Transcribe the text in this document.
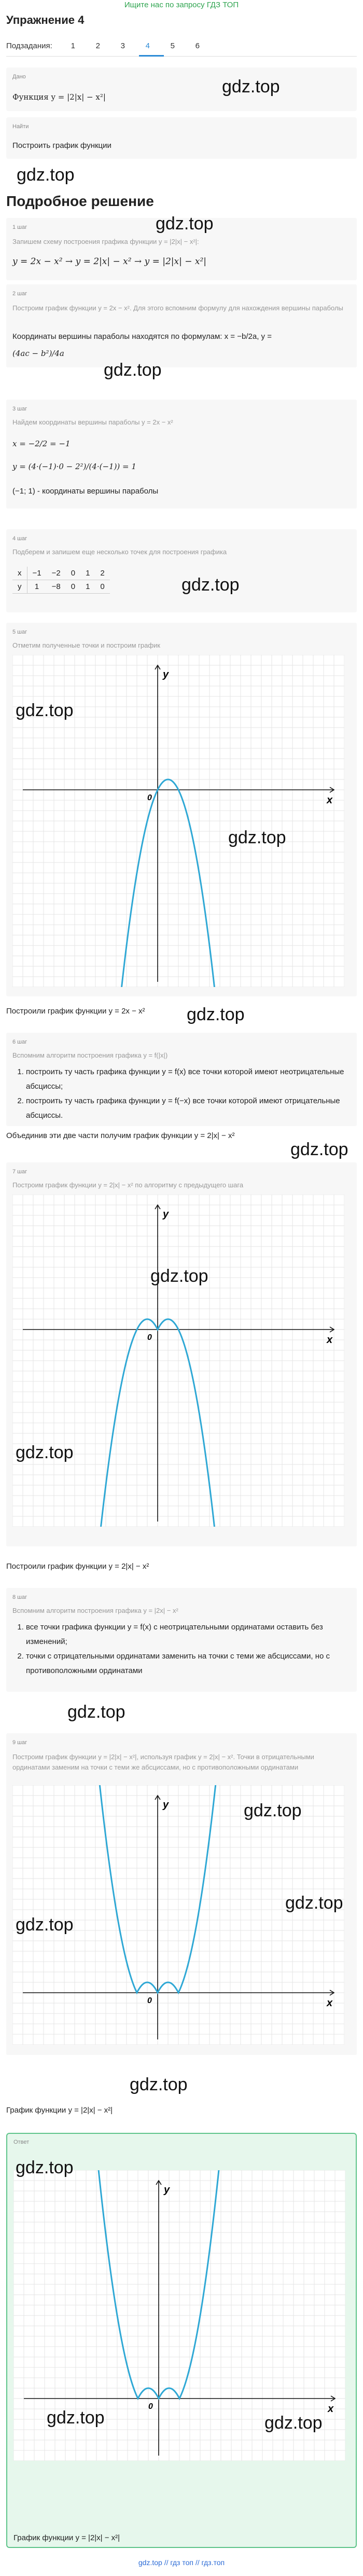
Ищите нас по запросу ГДЗ ТОП
Упражнение 4
Подзадания:	1	2	3	4	5	6
Дано
Функция y = |2|x| − x²|
gdz.top
Найти
Построить график функции
gdz.top
Подробное решение
1 шаг
Запишем схему построения графика функции y = |2|x| − x²|:
y = 2x − x² → y = 2|x| − x² → y = |2|x| − x²|
gdz.top
2 шаг
Построим график функции y = 2x − x². Для этого вспомним формулу для нахождения вершины параболы
Координаты вершины параболы находятся по формулам: x = −b/2a, y =
(4ac − b²)/4a
gdz.top
3 шаг
Найдем координаты вершины параболы y = 2x − x²
x = −2/2 = −1
y = (4·(−1)·0 − 2²)/(4·(−1)) = 1
(−1; 1) - координаты вершины параболы
4 шаг
Подберем и запишем еще несколько точек для построения графика
x	−1	−2	0	1	2
y	1	−8	0	1	0	gdz.top
5 шаг
Отметим полученные точки и построим график
x
y
0
gdz.top
gdz.top
Построили график функции y = 2x − x²
6 шаг
Вспомним алгоритм построения графика y = f(|x|)
1. построить ту часть графика функции y = f(x) все точки которой имеют неотрицательные абсциссы;
2. построить ту часть графика функции y = f(−x) все точки которой имеют отрицательные абсциссы.
gdz.top
Объединив эти две части получим график функции y = 2|x| − x²
gdz.top
7 шаг
Построим график функции y = 2|x| − x² по алгоритму с предыдущего шага
x
y
0
gdz.top
gdz.top
Построили график функции y = 2|x| − x²
8 шаг
Вспомним алгоритм построения графика y = |2x| − x²
1. все точки графика функции y = f(x) с неотрицательными ординатами оставить без изменений;
2. точки с отрицательными ординатами заменить на точки с теми же абсциссами, но с противоположными ординатами
gdz.top
9 шаг
Построим график функции y = |2|x| − x²|, используя график y = 2|x| − x². Точки в отрицательными ординатами заменим на точки с теми же абсциссами, но с противоположными ординатами
x
y
0
gdz.top
gdz.top
gdz.top
gdz.top
График функции y = |2|x| − x²|
Ответ
x
y
0
График функции y = |2|x| − x²|
gdz.top
gdz.top	gdz.top
gdz.top // гдз топ // гдз.топ
